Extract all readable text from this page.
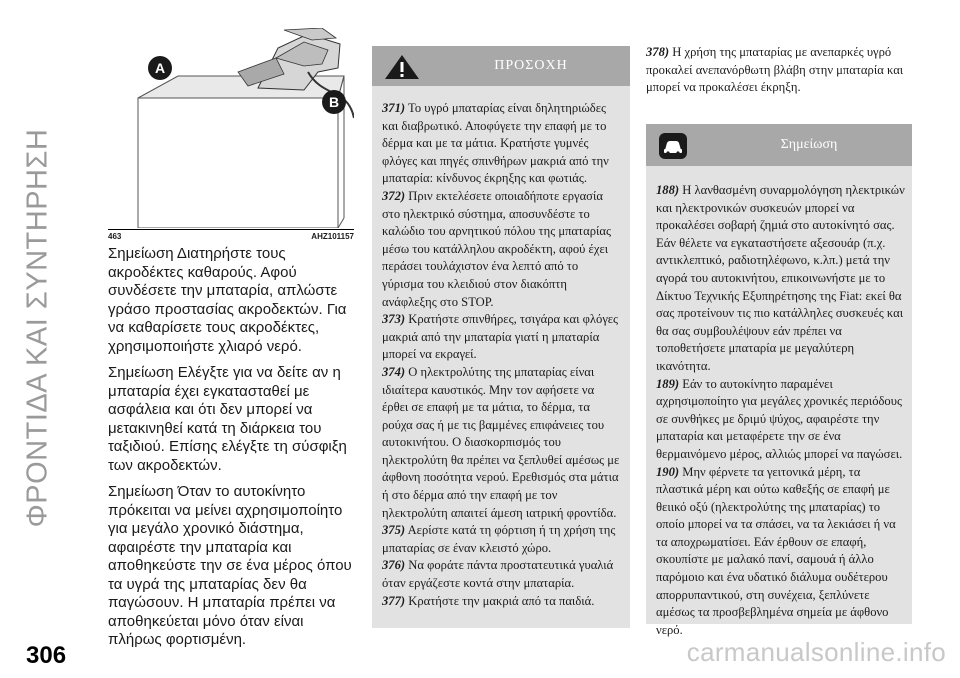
ΦΡΟΝΤΙΔΑ ΚΑΙ ΣΥΝΤΗΡΗΣΗ
A
B
463	AHZ101157

Σημείωση Διατηρήστε τους ακροδέκτες καθαρούς. Αφού συνδέσετε την μπαταρία, απλώστε γράσο προστασίας ακροδεκτών. Για να καθαρίσετε τους ακροδέκτες, χρησιμοποιήστε χλιαρό νερό.

Σημείωση Ελέγξτε για να δείτε αν η μπαταρία έχει εγκατασταθεί με ασφάλεια και ότι δεν μπορεί να μετακινηθεί κατά τη διάρκεια του ταξιδιού. Επίσης ελέγξτε τη σύσφιξη των ακροδεκτών.

Σημείωση Όταν το αυτοκίνητο πρόκειται να μείνει αχρησιμοποίητο για μεγάλο χρονικό διάστημα, αφαιρέστε την μπαταρία και αποθηκεύστε την σε ένα μέρος όπου τα υγρά της μπαταρίας δεν θα παγώσουν. Η μπαταρία πρέπει να αποθηκεύεται μόνο όταν είναι πλήρως φορτισμένη.

ΠΡΟΣΟΧΗ

371) Το υγρό μπαταρίας είναι δηλητηριώδες και διαβρωτικό. Αποφύγετε την επαφή με το δέρμα και με τα μάτια. Κρατήστε γυμνές φλόγες και πηγές σπινθήρων μακριά από την μπαταρία: κίνδυνος έκρηξης και φωτιάς.

372) Πριν εκτελέσετε οποιαδήποτε εργασία στο ηλεκτρικό σύστημα, αποσυνδέστε το καλώδιο του αρνητικού πόλου της μπαταρίας μέσω του κατάλληλου ακροδέκτη, αφού έχει περάσει τουλάχιστον ένα λεπτό από το γύρισμα του κλειδιού στον διακόπτη ανάφλεξης στο STOP.

373) Κρατήστε σπινθήρες, τσιγάρα και φλόγες μακριά από την μπαταρία γιατί η μπαταρία μπορεί να εκραγεί.

374) Ο ηλεκτρολύτης της μπαταρίας είναι ιδιαίτερα καυστικός. Μην τον αφήσετε να έρθει σε επαφή με τα μάτια, το δέρμα, τα ρούχα σας ή με τις βαμμένες επιφάνειες του αυτοκινήτου. Ο διασκορπισμός του ηλεκτρολύτη θα πρέπει να ξεπλυθεί αμέσως με άφθονη ποσότητα νερού. Ερεθισμός στα μάτια ή στο δέρμα από την επαφή με τον ηλεκτρολύτη απαιτεί άμεση ιατρική φροντίδα.

375) Αερίστε κατά τη φόρτιση ή τη χρήση της μπαταρίας σε έναν κλειστό χώρο.

376) Να φοράτε πάντα προστατευτικά γυαλιά όταν εργάζεστε κοντά στην μπαταρία.

377) Κρατήστε την μακριά από τα παιδιά.

378) Η χρήση της μπαταρίας με ανεπαρκές υγρό προκαλεί ανεπανόρθωτη βλάβη στην μπαταρία και μπορεί να προκαλέσει έκρηξη.

Σημείωση

188) Η λανθασμένη συναρμολόγηση ηλεκτρικών και ηλεκτρονικών συσκευών μπορεί να προκαλέσει σοβαρή ζημιά στο αυτοκίνητό σας. Εάν θέλετε να εγκαταστήσετε αξεσουάρ (π.χ. αντικλεπτικό, ραδιοτηλέφωνο, κ.λπ.) μετά την αγορά του αυτοκινήτου, επικοινωνήστε με το Δίκτυο Τεχνικής Εξυπηρέτησης της Fiat: εκεί θα σας προτείνουν τις πιο κατάλληλες συσκευές και θα σας συμβουλέψουν εάν πρέπει να τοποθετήσετε μπαταρία με μεγαλύτερη ικανότητα.

189) Εάν το αυτοκίνητο παραμένει αχρησιμοποίητο για μεγάλες χρονικές περιόδους σε συνθήκες με δριμύ ψύχος, αφαιρέστε την μπαταρία και μεταφέρετε την σε ένα θερμαινόμενο μέρος, αλλιώς μπορεί να παγώσει.

190) Μην φέρνετε τα γειτονικά μέρη, τα πλαστικά μέρη και ούτω καθεξής σε επαφή με θειικό οξύ (ηλεκτρολύτης της μπαταρίας) το οποίο μπορεί να τα σπάσει, να τα λεκιάσει ή να τα αποχρωματίσει. Εάν έρθουν σε επαφή, σκουπίστε με μαλακό πανί, σαμουά ή άλλο παρόμοιο και ένα υδατικό διάλυμα ουδέτερου απορρυπαντικού, στη συνέχεια, ξεπλύνετε αμέσως τα προσβεβλημένα σημεία με άφθονο νερό.

306	carmanualsonline.info
